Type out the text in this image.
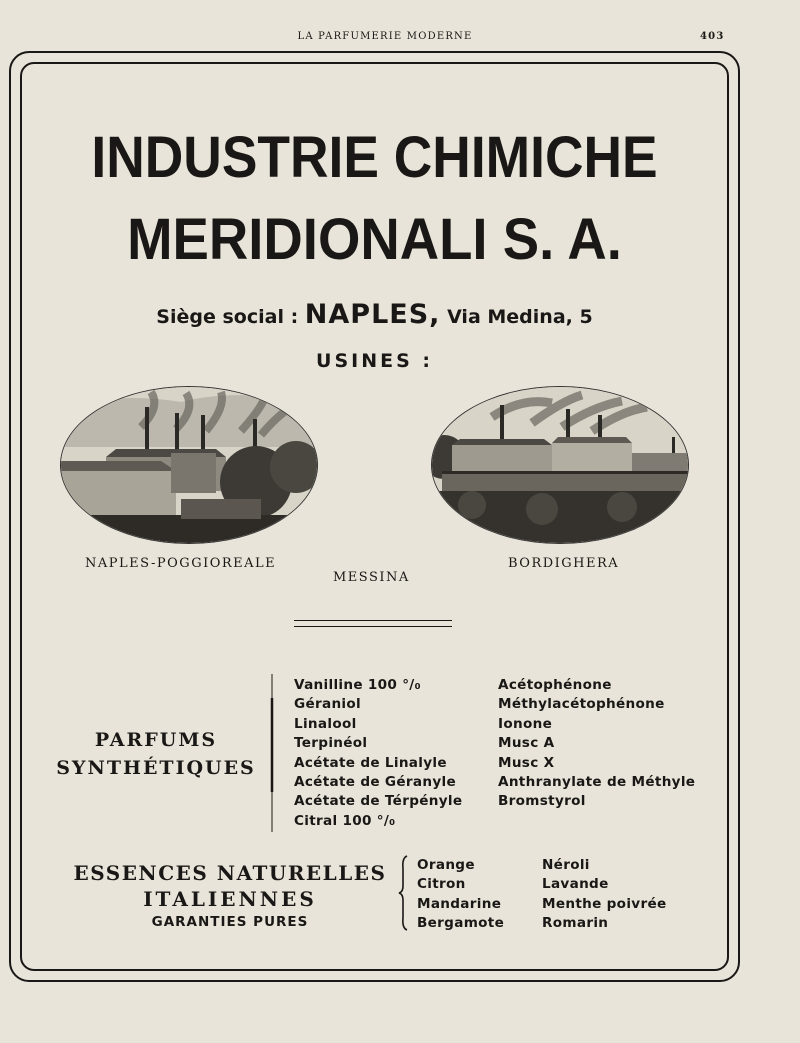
LA PARFUMERIE MODERNE	403
INDUSTRIE CHIMICHE
MERIDIONALI S. A.
Siège social : NAPLES, Via Medina, 5
USINES :
NAPLES-POGGIOREALE
MESSINA
BORDIGHERA
PARFUMS
SYNTHÉTIQUES
Vanilline 100 °/₀
Géraniol
Linalool
Terpinéol
Acétate de Linalyle
Acétate de Géranyle
Acétate de Térpényle
Citral 100 °/₀
Acétophénone
Méthylacétophénone
Ionone
Musc A
Musc X
Anthranylate de Méthyle
Bromstyrol
ESSENCES NATURELLES
ITALIENNES
GARANTIES PURES
Orange
Citron
Mandarine
Bergamote
Néroli
Lavande
Menthe poivrée
Romarin
